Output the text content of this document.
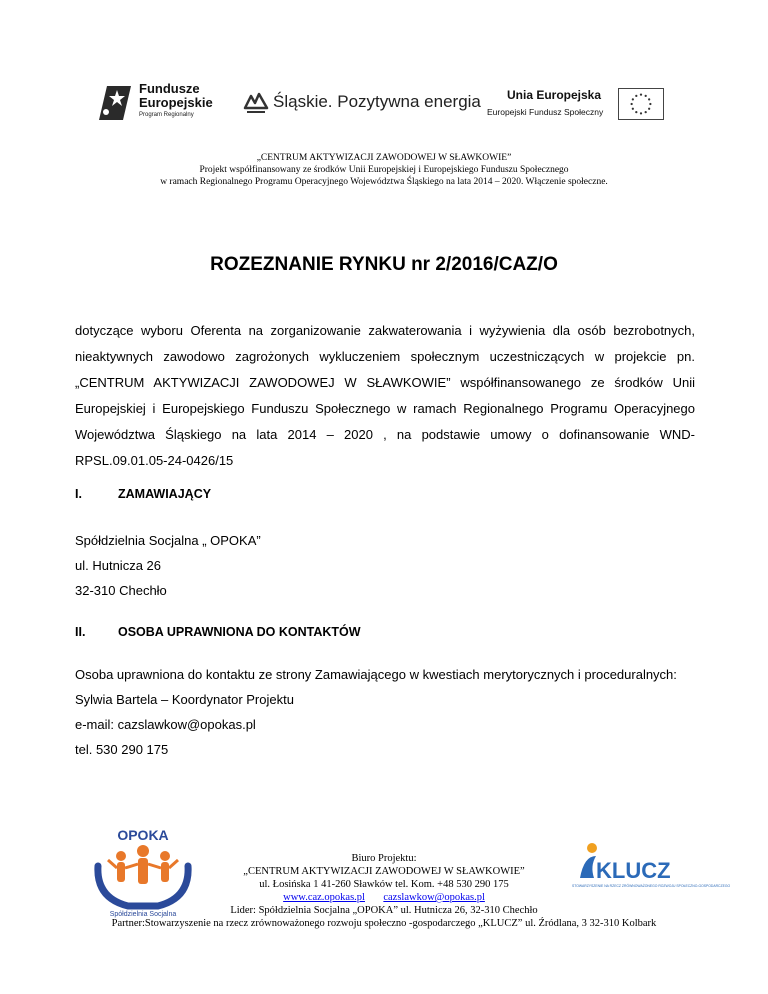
Fundusze
Europejskie
Program Regionalny
Śląskie. Pozytywna energia Unia Europejska
Europejski Fundusz Społeczny
„CENTRUM AKTYWIZACJI ZAWODOWEJ W SŁAWKOWIE”
Projekt współfinansowany ze środków Unii Europejskiej i Europejskiego Funduszu Społecznego
w ramach Regionalnego Programu Operacyjnego Województwa Śląskiego na lata 2014 – 2020. Włączenie społeczne.
ROZEZNANIE RYNKU nr 2/2016/CAZ/O
dotyczące wyboru Oferenta na zorganizowanie zakwaterowania i wyżywienia dla osób bezrobotnych, nieaktywnych zawodowo zagrożonych wykluczeniem społecznym uczestniczących w projekcie pn. „CENTRUM AKTYWIZACJI ZAWODOWEJ W SŁAWKOWIE” współfinansowanego ze środków Unii Europejskiej i Europejskiego Funduszu Społecznego w ramach Regionalnego Programu Operacyjnego Województwa Śląskiego na lata 2014 – 2020 , na podstawie umowy o dofinansowanie WND-RPSL.09.01.05-24-0426/15
I.	ZAMAWIAJĄCY
Spółdzielnia Socjalna „ OPOKA”
ul. Hutnicza 26
32-310 Chechło
II.	OSOBA UPRAWNIONA DO KONTAKTÓW
Osoba uprawniona do kontaktu ze strony Zamawiającego w kwestiach merytorycznych i proceduralnych:
Sylwia Bartela – Koordynator Projektu
e-mail: cazslawkow@opokas.pl
tel. 530 290 175
OPOKA
Spółdzielnia Socjalna
KLUCZ
STOWARZYSZENIE NA RZECZ ZRÓWNOWAŻONEGO ROZWOJU SPOŁECZNO-GOSPODARCZEGO
Biuro Projektu:
„CENTRUM AKTYWIZACJI ZAWODOWEJ W SŁAWKOWIE”
ul. Łosińska 1 41-260 Sławków tel. Kom. +48 530 290 175
www.caz.opokas.pl cazslawkow@opokas.pl
Lider: Spółdzielnia Socjalna „OPOKA” ul. Hutnicza 26, 32-310 Chechło
Partner:Stowarzyszenie na rzecz zrównoważonego rozwoju społeczno -gospodarczego „KLUCZ” ul. Źródlana, 3 32-310 Kolbark
